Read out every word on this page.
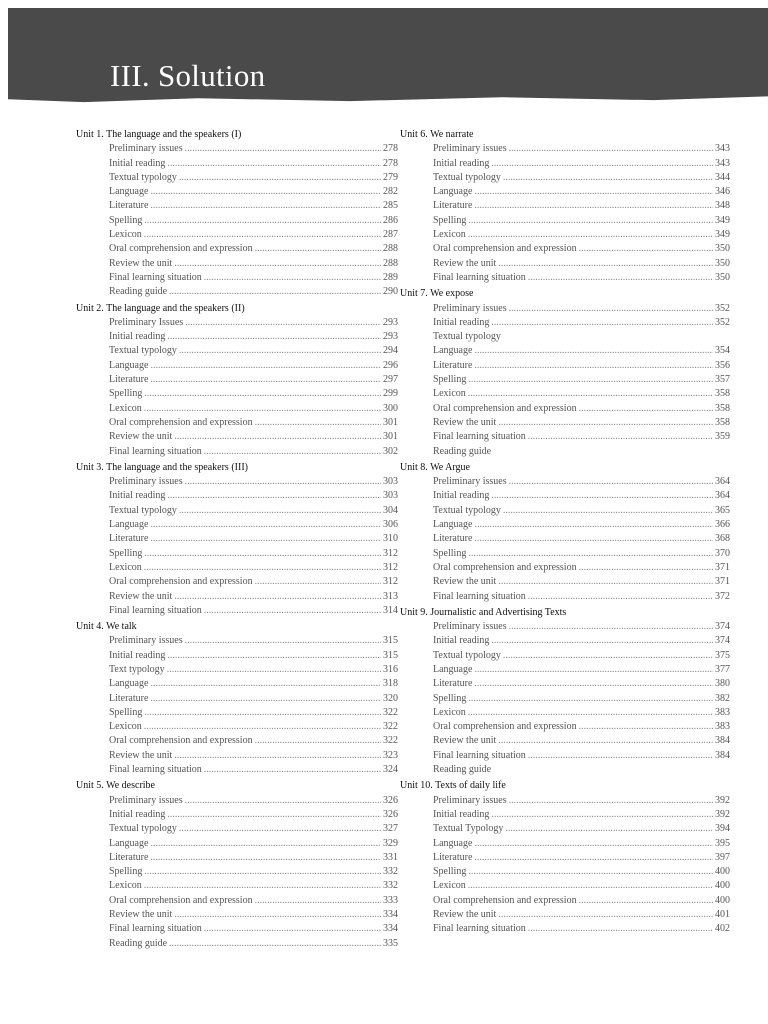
III. Solution
Unit 1. The language and the speakers (I)
Preliminary issues .....	278
Initial reading .....	278
Textual typology .....	279
Language .....	282
Literature .....	285
Spelling .....	286
Lexicon .....	287
Oral comprehension and expression .....	288
Review the unit .....	288
Final learning situation .....	289
Reading guide .....	290
Unit 2. The language and the speakers (II)
Preliminary Issues .....	293
Initial reading .....	293
Textual typology .....	294
Language .....	296
Literature .....	297
Spelling .....	299
Lexicon .....	300
Oral comprehension and expression .....	301
Review the unit .....	301
Final learning situation .....	302
Unit 3. The language and the speakers (III)
Preliminary issues .....	303
Initial reading .....	303
Textual typology .....	304
Language .....	306
Literature .....	310
Spelling .....	312
Lexicon .....	312
Oral comprehension and expression .....	312
Review the unit .....	313
Final learning situation .....	314
Unit 4. We talk
Preliminary issues .....	315
Initial reading .....	315
Text typology .....	316
Language .....	318
Literature .....	320
Spelling .....	322
Lexicon .....	322
Oral comprehension and expression .....	322
Review the unit .....	323
Final learning situation .....	324
Unit 5. We describe
Preliminary issues .....	326
Initial reading .....	326
Textual typology .....	327
Language .....	329
Literature .....	331
Spelling .....	332
Lexicon .....	332
Oral comprehension and expression .....	333
Review the unit .....	334
Final learning situation .....	334
Reading guide .....	335
Unit 6. We narrate
Preliminary issues .....	343
Initial reading .....	343
Textual typology .....	344
Language .....	346
Literature .....	348
Spelling .....	349
Lexicon .....	349
Oral comprehension and expression .....	350
Review the unit .....	350
Final learning situation .....	350
Unit 7. We expose
Preliminary issues .....	352
Initial reading .....	352
Textual typology
Language .....	354
Literature .....	356
Spelling .....	357
Lexicon .....	358
Oral comprehension and expression .....	358
Review the unit .....	358
Final learning situation .....	359
Reading guide
Unit 8. We Argue
Preliminary issues .....	364
Initial reading .....	364
Textual typology .....	365
Language .....	366
Literature .....	368
Spelling .....	370
Oral comprehension and expression .....	371
Review the unit .....	371
Final learning situation .....	372
Unit 9. Journalistic and Advertising Texts
Preliminary issues .....	374
Initial reading .....	374
Textual typology .....	375
Language .....	377
Literature .....	380
Spelling .....	382
Lexicon .....	383
Oral comprehension and expression .....	383
Review the unit .....	384
Final learning situation .....	384
Reading guide
Unit 10. Texts of daily life
Preliminary issues .....	392
Initial reading .....	392
Textual Typology .....	394
Language .....	395
Literature .....	397
Spelling .....	400
Lexicon .....	400
Oral comprehension and expression .....	400
Review the unit .....	401
Final learning situation .....	402
